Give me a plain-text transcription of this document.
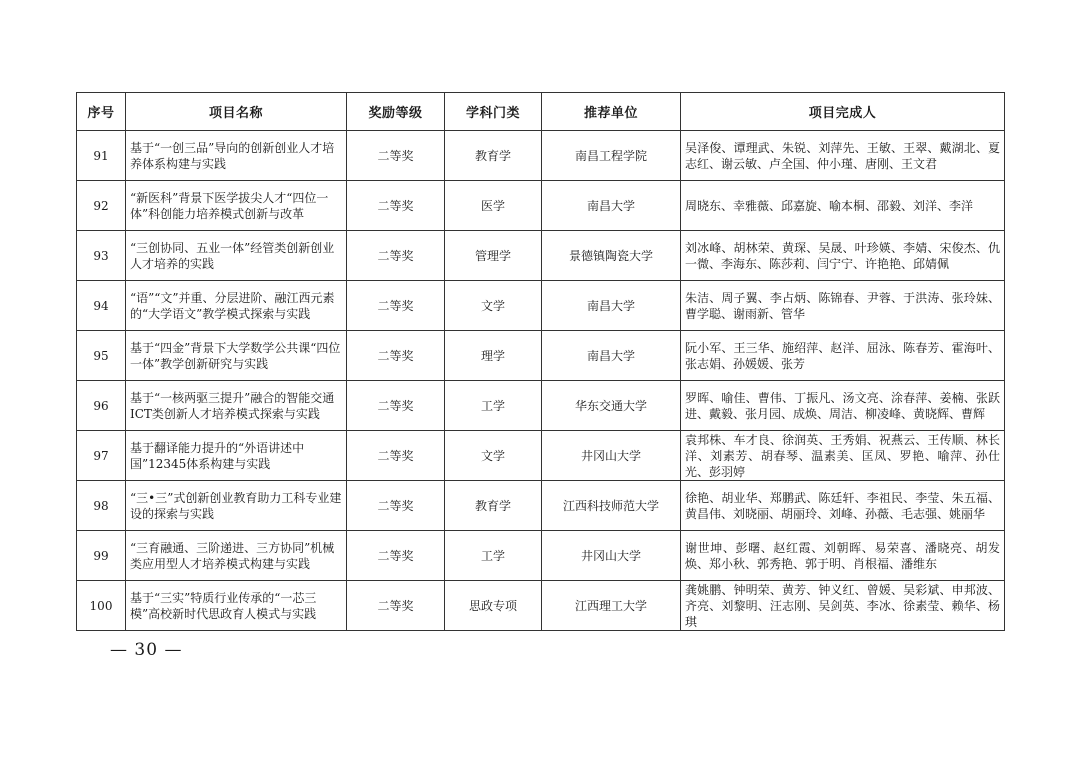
序号	项目名称	奖励等级	学科门类	推荐单位	项目完成人
91	基于“一创三品”导向的创新创业人才培养体系构建与实践	二等奖	教育学	南昌工程学院	吴泽俊、谭理武、朱锐、刘萍先、王敏、王翠、戴湖北、夏志红、谢云敏、卢全国、仲小瑾、唐刚、王文君
92	“新医科”背景下医学拔尖人才“四位一体”科创能力培养模式创新与改革	二等奖	医学	南昌大学	周晓东、幸雅薇、邱嘉旋、喻本桐、邵毅、刘洋、李洋
93	“三创协同、五业一体”经管类创新创业人才培养的实践	二等奖	管理学	景德镇陶瓷大学	刘冰峰、胡林荣、黄琛、吴晟、叶珍媖、李婧、宋俊杰、仇一微、李海东、陈莎莉、闫宁宁、许艳艳、邱婧佩
94	“语”“文”并重、分层进阶、融江西元素的“大学语文”教学模式探索与实践	二等奖	文学	南昌大学	朱洁、周子翼、李占炳、陈锦春、尹蓉、于洪涛、张玲妹、曹学聪、谢雨新、管华
95	基于“四金”背景下大学数学公共课“四位一体”教学创新研究与实践	二等奖	理学	南昌大学	阮小军、王三华、施绍萍、赵洋、屈泳、陈春芳、霍海叶、张志娟、孙媛媛、张芳
96	基于“一核两驱三提升”融合的智能交通ICT类创新人才培养模式探索与实践	二等奖	工学	华东交通大学	罗晖、喻佳、曹伟、丁振凡、汤文亮、涂春萍、姜楠、张跃进、戴毅、张月园、成焕、周洁、柳凌峰、黄晓辉、曹辉
97	基于翻译能力提升的“外语讲述中国”12345体系构建与实践	二等奖	文学	井冈山大学	袁邦株、车才良、徐润英、王秀娟、祝燕云、王传顺、林长洋、刘素芳、胡春琴、温素美、匡凤、罗艳、喻萍、孙仕光、彭羽婷
98	“三•三”式创新创业教育助力工科专业建设的探索与实践	二等奖	教育学	江西科技师范大学	徐艳、胡业华、郑鹏武、陈廷轩、李祖民、李莹、朱五福、黄昌伟、刘晓丽、胡丽玲、刘峰、孙薇、毛志强、姚丽华
99	“三育融通、三阶递进、三方协同”机械类应用型人才培养模式构建与实践	二等奖	工学	井冈山大学	谢世坤、彭曙、赵红霞、刘朝晖、易荣喜、潘晓亮、胡发焕、郑小秋、郭秀艳、郭于明、肖根福、潘维东
100	基于“三实”特质行业传承的“一芯三模”高校新时代思政育人模式与实践	二等奖	思政专项	江西理工大学	龚姚鹏、钟明荣、黄芳、钟义红、曾媛、吴彩斌、申邦波、齐亮、刘黎明、汪志刚、吴剑英、李冰、徐素莹、赖华、杨琪
— 30 —
